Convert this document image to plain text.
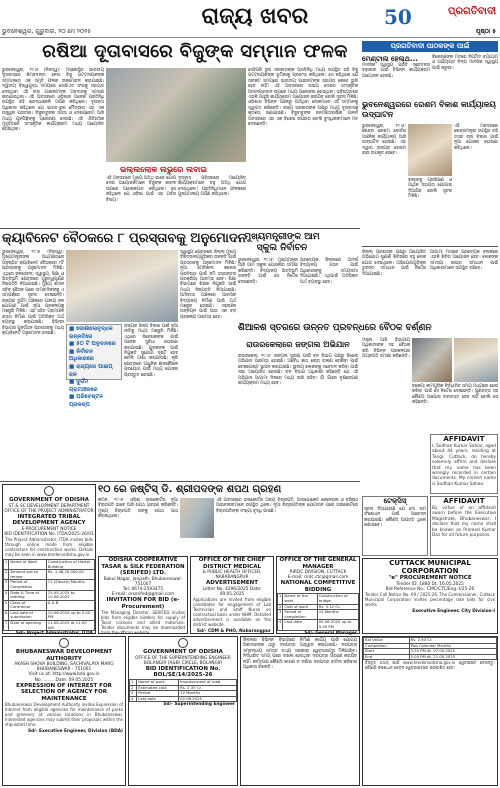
ରାଜ୍ୟ ଖବର
ଭୁବନେଶ୍ୱର, ଗୁରୁବାର, ୨୦ ମେ ୨୦୨୫
50	ପ୍ରଗତିବାଦୀ
ପୃଷ୍ଠା ୫
ରଷିଆ ଦୂତାବାସରେ ବିଜୁଙ୍କ ସମ୍ମାନ ଫଳକ
ଭୁବନେଶ୍ୱର, ୧୯।୫ (ନିଜସ୍ୱ): ମସ୍କୋସ୍ଥିତ ଭାରତୀୟ ଦୂତାବାସରେ କିମ୍ବଦନ୍ତୀ ନେତା ବିଜୁ ପଟ୍ଟନାୟକଙ୍କ ସମ୍ମାନରେ ଏକ ସ୍ମୃତି ଫଳକ ଉନ୍ମୋଚନ କରାଯାଇଛି। ଦ୍ୱିତୀୟ ବିଶ୍ୱଯୁଦ୍ଧ ସମୟରେ ସୋଭିଏତ ସଂଘକୁ ସହାୟତା ଦେଇଥିବା ଏହି ବୀର ପାଇଲଟଙ୍କ ଅବଦାନକୁ ସ୍ମରଣ କରାଯାଇଥିଲା। ଏହି ଅବସରରେ ଓଡ଼ିଶାର ଅନେକ ପ୍ରତିନିଧି ଉପସ୍ଥିତ ରହି ଶ୍ରଦ୍ଧାଞ୍ଜଳି ଅର୍ପଣ କରିଥିଲେ। ଦୂତାବାସ ଅଧିକାରୀ କହିଥିଲେ ଯେ ଭାରତ-ରୁଷ ମୈତ୍ରୀର ଏହା ଏକ ଉଜ୍ଜ୍ୱଳ ପ୍ରତୀକ। ବିଜୁବାବୁଙ୍କ ସାହସ ଓ ଦେଶପ୍ରେମ ଆଜି ମଧ୍ୟ ଯୁବପିଢ଼ିଙ୍କୁ ପ୍ରେରଣା ଦେଉଛି। ଏହି ଐତିହାସିକ ମୁହୂର୍ତ୍ତରେ ସାଂସ୍କୃତିକ କାର୍ଯ୍ୟକ୍ରମ ମଧ୍ୟ ଆୟୋଜିତ ହୋଇଥିଲା।
ଭଲ୍ଲଲୋକ ଲଭୁରେ ଲବାଇ
ଏହି ଅବସରରେ ମୁଖ୍ୟ ଅତିଥି ଭାବେ ଯୋଗ ଦେଇ ଆୟୋଜକମାନେ ବିଜୁଙ୍କ ଜୀବନୀ ଉପରେ ଆଲୋକପାତ କରିଥିଲେ। ସେ କହିଥିଲେ ଯେ ଓଡ଼ିଶା ପାଇଁ ଏହା ଗର୍ବର ବିଷୟ।
ଦୂତାବାସ ପରିସରରେ ଆୟୋଜିତ କାର୍ଯ୍ୟକ୍ରମରେ ବହୁ ଅତିଥି ଯୋଗ ଦେଇଥିଲେ। ପ୍ରତିନିଧିମାନେ ଫଳକରେ ପୁଷ୍ପମାଲ୍ୟ ଅର୍ପଣ କରିଥିଲେ।
ସେହିପରି ରୁଷ ସରକାରଙ୍କ ପ୍ରତିନିଧି ମଧ୍ୟ ଉପସ୍ଥିତ ରହି ବିଜୁ ପଟ୍ଟନାୟକଙ୍କ ଭୂମିକାକୁ ପ୍ରଶଂସା କରିଥିଲେ। ସେ କହିଥିଲେ ଯେ ସଙ୍କଟ ସମୟରେ ଭାରତୀୟ ପାଇଲଟଙ୍କ ସହାୟତା କେବେ ଭୁଲି ହେବ ନାହିଁ। ଏହି ଅବସରରେ ଉଭୟ ଦେଶର ସାଂସ୍କୃତିକ ଆଦାନପ୍ରଦାନ ଉପରେ ମଧ୍ୟ ଆଲୋଚନା ହୋଇଥିଲା। ଭବିଷ୍ୟତରେ ଏଭଳି ଆହୁରି କାର୍ଯ୍ୟକ୍ରମ ଆୟୋଜନ କରାଯିବ ବୋଲି ସୂଚନା ମିଳିଛି। ଓଡ଼ିଶାର ବିଭିନ୍ନ ଅଞ୍ଚଳରୁ ଆସିଥିବା ଲୋକମାନେ ଏହି ସମ୍ମାନକୁ ସ୍ୱାଗତ କରିଛନ୍ତି। ରାଜ୍ୟ ସରକାରଙ୍କ ପକ୍ଷରୁ ମଧ୍ୟ ଦୂତାବାସକୁ କୃତଜ୍ଞତା ଜଣାଯାଇଛି। ବିଜୁବାବୁଙ୍କ ଜନ୍ମଶତବାର୍ଷିକୀ ପାଳନ ଅବସରରେ ଏହା ଏକ ବିଶେଷ ଉପହାର ବୋଲି ବୁଦ୍ଧିଜୀବୀମାନେ ମତ ଦେଇଛନ୍ତି।
କ୍ୟାବିନେଟ ବୈଠକରେ ୮ ପ୍ରସ୍ତାବକୁ ଅନୁମୋଦନ
ଭୁବନେଶ୍ୱର, ୧୯।୫ (ନିଜସ୍ୱ): ମୁଖ୍ୟମନ୍ତ୍ରୀଙ୍କ ଅଧ୍ୟକ୍ଷତାରେ ଅନୁଷ୍ଠିତ କ୍ୟାବିନେଟ ବୈଠକରେ ୮ଟି ପ୍ରସ୍ତାବକୁ ଅନୁମୋଦନ ମିଳିଛି। ଏଥିରେ ଜଳସେଚନ, ସ୍ୱାସ୍ଥ୍ୟ, ଶିକ୍ଷା ଓ ଭିତ୍ତିଭୂମି କ୍ଷେତ୍ରରେ ଗୁରୁତ୍ୱପୂର୍ଣ୍ଣ ନିଷ୍ପତ୍ତି ନିଆଯାଇଛି। ମୁଖ୍ୟ ଶାସନ ସଚିବ ବୈଠକ ପରେ ସାମ୍ବାଦିକଙ୍କୁ ଏ ସମ୍ପର୍କରେ ସୂଚନା ଦେଇଛନ୍ତି। ରାଜ୍ୟର ଦୁର୍ଗମ ଅଞ୍ଚଳରେ ପାନୀୟ ଜଳ ଯୋଗାଣ ପାଇଁ ନୂଆ ପ୍ରକଳ୍ପକୁ ମଞ୍ଜୁରି ମିଳିଛି। ଏହା ସହିତ ଗ୍ରାମାଞ୍ଚଳ ରାସ୍ତା ନିର୍ମାଣ ପାଇଁ ଅତିରିକ୍ତ ଅର୍ଥ ବ୍ୟବସ୍ଥା କରାଯାଇଛି। ବିଭିନ୍ନ ବିଭାଗର ପୁନର୍ଗଠନ ପ୍ରସ୍ତାବକୁ ମଧ୍ୟ କ୍ୟାବିନେଟ ଅନୁମୋଦନ ଦେଇଛି।
■ ସୋଶାଲୋବୃଦ୍ଧକ ଉନ୍ନତିରେ
■ ୫୦ ଟି ଅନୁଦାନରେ
■ ନିର୍ବାଚନ ଅଧିକାରରେ
■ ରାଜ୍ୟରେ ପାଇପ୍‌ ଜଳ
■ ଦୁର୍ଗମ ଗ୍ରାମାଞ୍ଚଳରେ
■ ପରିବେଷ୍ଟନ ପ୍ରକଳ୍ପ
ରାଜ୍ୟର ଶିଳ୍ପ ବିକାଶ ପାଇଁ ନୂଆ ନୀତିକୁ ମଧ୍ୟ ମଞ୍ଜୁରି ମିଳିଛି। ଏଥିରେ ନିବେଶକଙ୍କ ପାଇଁ ଅନେକ ସୁବିଧା ଘୋଷଣା କରାଯାଇଛି। ଯୁବକଙ୍କ ପାଇଁ ନିଯୁକ୍ତି ସୁଯୋଗ ସୃଷ୍ଟି ହେବ ବୋଲି ଆଶା କରାଯାଉଛି। କୃଷି କ୍ଷେତ୍ରରେ ଆଧୁନିକ ଜ୍ଞାନକୌଶଳ ପ୍ରୟୋଗ ପାଇଁ ମଧ୍ୟ ଯୋଜନା ପ୍ରସ୍ତୁତ ହୋଇଛି।
ସ୍ୱାସ୍ଥ୍ୟ କ୍ଷେତ୍ରରେ ଜିଲ୍ଲା ମୁଖ୍ୟ ଚିକିତ୍ସାଳୟଗୁଡ଼ିକର ଉନ୍ନତି ପାଇଁ ପ୍ରସ୍ତାବକୁ ଅନୁମୋଦନ ମିଳିଛି। ନୂଆ ମେଡିକାଲ କଲେଜ ପ୍ରତିଷ୍ଠା ପାଇଁ ଜମି ହସ୍ତାନ୍ତର ପ୍ରକ୍ରିୟା ଆରମ୍ଭ ହେବ। ଶିକ୍ଷା ବିଭାଗରେ ଶିକ୍ଷକ ନିଯୁକ୍ତି ପାଇଁ ମଧ୍ୟ ନିଷ୍ପତ୍ତି ନିଆଯାଇଛି। ଆଦିବାସୀ ଅଞ୍ଚଳରେ ଆବାସିକ ବିଦ୍ୟାଳୟ ନିର୍ମାଣ ପାଇଁ ଅର୍ଥ ମଞ୍ଜୁର ହୋଇଛି। ସହରାଞ୍ଚଳ ଉନ୍ନୟନ ପାଇଁ ଆଉ ଏକ ବଡ଼ ପ୍ରକଳ୍ପ ଆରମ୍ଭ ହେବ।
ମୁଖ୍ୟମନ୍ତ୍ରୀଙ୍କ ଆମ ସ୍କୁଲ ନିର୍ବାଚନ
ଭୁବନେଶ୍ୱର, ୧୯।୫: ମୁଖ୍ୟମନ୍ତ୍ରୀ ଆଜି ଆମ ସ୍କୁଲ ଯୋଜନାର ସମୀକ୍ଷା କରିଛନ୍ତି। ବିଦ୍ୟାଳୟ ଭିତ୍ତିଭୂମି ଉନ୍ନତି ପାଇଁ ସେ ନିର୍ଦ୍ଦେଶ ଦେଇଛନ୍ତି।
ପ୍ରତ୍ୟେକ ଜିଲ୍ଲାରେ ଆଦର୍ଶ ବିଦ୍ୟାଳୟ ଗଠନ ପାଇଁ ଅଧିକାରୀଙ୍କୁ ସମୟସୀମା ଦିଆଯାଇଛି। ଏଥିପାଇଁ ଅତିରିକ୍ତ ଅର୍ଥ ବ୍ୟବସ୍ଥା ହେବ।
ରାଉରକେଲାରେ ଜଙ୍ଗଲ ଅଭିଯାନ
ରାଉରକେଲା, ୧୯।୫: ଜଙ୍ଗଲ ସୁରକ୍ଷା ପାଇଁ ବନ ବିଭାଗ ପକ୍ଷରୁ ବିଶେଷ ଅଭିଯାନ ଆରମ୍ଭ ହୋଇଛି। ଅବୈଧ କାଠ ଚୋରା ଚାଲାଣ ରୋକିବା ପାଇଁ ଚେକପୋଷ୍ଟ ସ୍ଥାପନ କରାଯାଇଛି। ସ୍ଥାନୀୟ ଲୋକଙ୍କୁ ସଚେତନ କରିବା ପାଇଁ ସଭା ଆୟୋଜିତ ହୋଇଛି। ବନ ବିଭାଗ ଅଧିକାରୀ କହିଛନ୍ତି ଯେ ଏହି ଅଭିଯାନ ଆଗାମୀ ଦିନରେ ମଧ୍ୟ ଜାରି ରହିବ। ଗାଁ ଗାଁରେ ବୃକ୍ଷରୋପଣ କାର୍ଯ୍ୟକ୍ରମ ମଧ୍ୟ ହେବ।
୧୦ ରେ ଜଷ୍ଟିସ୍ ଡି. ଶ୍ରୀପଦଙ୍କ ଶପଥ ଗ୍ରହଣ
କଟକ, ୧୯।୫: ଓଡ଼ିଶା ହାଇକୋର୍ଟର ନୂଆ ବିଚାରପତି ଭାବେ ଆଜି ଶପଥ ଗ୍ରହଣ କରିଛନ୍ତି। ମୁଖ୍ୟ ବିଚାରପତି ତାଙ୍କୁ ଶପଥ ପାଠ କରାଇଥିଲେ।
ଏହି ଅବସରରେ ହାଇକୋର୍ଟର ଅନ୍ୟ ବିଚାରପତି, ଆଡଭୋକେଟ ଜେନେରାଲ ଓ ବରିଷ୍ଠ ଆଇନଜୀବୀମାନେ ଉପସ୍ଥିତ ଥିଲେ। ନୂଆ ବିଚାରପତିଙ୍କ ଯୋଗଦାନ ପରେ ହାଇକୋର୍ଟରେ ବିଚାରପତିଙ୍କ ସଂଖ୍ୟା ବୃଦ୍ଧି ପାଇଛି।
ପ୍ରଗତିବାଦୀ ପାଠକଙ୍କ ପାଇଁ
ମେଣ୍ଟାଲ ହେଲ୍ଥ...
ମାନସିକ ସ୍ୱାସ୍ଥ୍ୟ ପ୍ରତି ସଚେତନତା ବଢ଼ାଇବା ପାଇଁ ବିଭିନ୍ନ କାର୍ଯ୍ୟକ୍ରମ ଆୟୋଜନ ହେଉଛି।
ବିଶେଷଜ୍ଞଙ୍କ ମତରେ ନିୟମିତ ବ୍ୟାୟାମ ଓ ପର୍ଯ୍ୟାପ୍ତ ନିଦ୍ରା ମାନସିକ ସ୍ୱାସ୍ଥ୍ୟ ପାଇଁ ଜରୁରୀ।
ଭୁବନେଶ୍ୱରରେ ରେଶମ ବିକାଶ କାର୍ଯ୍ୟାଳୟ ଉଦ୍‌ଘାଟନ
ଭୁବନେଶ୍ୱର, ୧୯।୫: କେନ୍ଦ୍ର ରେଶମ ବୋର୍ଡର ଆଞ୍ଚଳିକ କାର୍ଯ୍ୟାଳୟ ଆଜି ଉଦ୍‌ଘାଟିତ ହୋଇଛି। ଏହା ଦ୍ୱାରା ରାଜ୍ୟର ରେଶମ ଚାଷୀ ଉପକୃତ ହେବେ।
ଏହି ଅବସରରେ କେନ୍ଦ୍ରମନ୍ତ୍ରୀ ଉପସ୍ଥିତ ରହି ତସର ଚାଷ ବିକାଶ ପାଇଁ ନୂଆ ଯୋଜନା ଘୋଷଣା କରିଥିଲେ।
ଚାଷୀଙ୍କୁ ପ୍ରଶିକ୍ଷଣ ଓ ଆର୍ଥିକ ସହାୟତା ଯୋଗାଇ ଦିଆଯିବ ବୋଲି ସୂଚନା ମିଳିଛି।
ଜିଲ୍ଲା ପ୍ରଶାସନ ପକ୍ଷରୁ ଆୟୋଜିତ ଅଭିଯୋଗ ଶୁଣାଣି ଶିବିରରେ ବହୁ ଲୋକ ଯୋଗ ଦେଇଥିଲେ। ଅଭିଯୋଗଗୁଡ଼ିକର ତୁରନ୍ତ ସମାଧାନ ପାଇଁ ନିର୍ଦ୍ଦେଶ ଦିଆଯାଇଛି।
ଆଗାମୀ ମାସରେ ପ୍ରତ୍ୟେକ ବ୍ଲକରେ ଏଭଳି ଶିବିର ଆୟୋଜନ ହେବ। ଲୋକଙ୍କ ସମସ୍ୟା ଶୀଘ୍ର ସମାଧାନ ପାଇଁ ଅଧିକାରୀମାନେ ଉପସ୍ଥିତ ରହିବେ।
ଶିଆଳଶ ସ୍ତରରେ ଉନ୍ନତ ପ୍ରବନ୍ଧରେ ବୈଠକ ବର୍ଣ୍ଣନ
ମନ୍ତ୍ରୀ ଆଜି ବିଭାଗୀୟ ଅଧିକାରୀଙ୍କ ସହ ବୈଠକ କରି ବିଭିନ୍ନ ପ୍ରକଳ୍ପର ଅଗ୍ରଗତି ସମୀକ୍ଷା କରିଛନ୍ତି।
ବକେୟା କାମଗୁଡ଼ିକ ନିର୍ଦ୍ଧାରିତ ସମୟ ମଧ୍ୟରେ ଶେଷ କରିବା ପାଇଁ ସେ ନିର୍ଦ୍ଦେଶ ଦେଇଛନ୍ତି। ଗୁଣବତ୍ତା ସହ କୌଣସି ଆପୋଷ ବରଦାସ୍ତ ହେବ ନାହିଁ ବୋଲି ସେ କହିଛନ୍ତି।
AFFIDAVIT
I, Sudhan Kumar Sahoo, aged about 44 years, residing at Tangi, Cuttack, do hereby solemnly affirm and declare that my name has been wrongly recorded in certain documents. My correct name is Sudhan Kumar Sahoo.
AFFIDAVIT
By virtue of an affidavit sworn before the Executive Magistrate, Bhubaneswar, I declare that my name shall be known as Pramod Kumar Das for all future purposes.
ଟେକ୍ସିସ୍
ସୂଚନା ଦିଆଯାଉଛି ଯେ ମୋ ନାମ ସଂଶୋଧନ ପାଇଁ ଆବେଦନ କରାଯାଇଛି। କୌଣସି ଆପତ୍ତି ଥିଲେ ଜଣାଇବେ।
GOVERNMENT OF ODISHA
ST & SC DEVELOPMENT DEPARTMENT
OFFICE OF THE PROJECT ADMINISTRATOR
INTEGRATED TRIBAL DEVELOPMENT AGENCY
E-PROCUREMENT NOTICE
BID IDENTIFICATION No. ITDA/2025-26/01
The Project Administrator, ITDA invites bids through online mode from eligible contractors for construction works. Details may be seen in www.tendersodisha.gov.in
1	Name of Work	Construction of Hostel Building
2	Amount put to tender	Rs. 1,46,20,000.00
3	Period of Completion	11 (Eleven) Months
4	Date & Time of bidding	25.05.2025 to 10.06.2025
5	Class of Contractor	A & B
6	Last date of submission	10.06.2025 up to 5.00 PM
7	Date of opening	11.06.2025 at 11.00 AM
Sd/- Project Administrator, ITDA
ODISHA COOPERATIVE TASAR & SILK FEDERATION (SERIFED) LTD.
Bakul Nagar, Janpath, Bhubaneswar-751007
Tel: 0674-2593475
E-mail: orserifed@gmail.com
INVITATION FOR BID (e-Procurement)
The Managing Director, SERIFED invites bids from eligible bidders for supply of Tasar cocoons and allied materials. Tender documents may be downloaded from the official website.
OFFICE OF THE CHIEF DISTRICT MEDICAL
& PUBLIC HEALTH OFFICER, NABARANGPUR
ADVERTISEMENT
Letter No. 4296/2025 Date: 09.05.2025
Applications are invited from eligible candidates for engagement of Lab Technician and Staff Nurse on contractual basis under NHM. Detailed advertisement is available on the district website.
Sd/- CDM & PHO, Nabarangpur
OFFICE OF THE GENERAL MANAGER
RIRDC DIVISION, CUTTACK
E-mail: rirdc.ctc@gmail.com
NATIONAL COMPETITIVE BIDDING
1	Name of the work	Construction of bridge
2	Cost of work	Rs. 3.12 Cr.
3	Period of completion	15 Months
4	Last date	05.06.2025 up to 5.00 PM
Sd/- General Manager
CUTTACK MUNICIPAL
CORPORATION
"e" PROCUREMENT NOTICE
Tender ID: 1880 Dt. 16.05.2025
Bid Reference No.: CMC/CTC/Eng.-I/25-26
Tender Call Notice No. 09 / 2025-26. The Commissioner, Cuttack Municipal Corporation invites percentage rate bids for civil works.
Executive Engineer, City Division-I
BHUBANESWAR DEVELOPMENT AUTHORITY
AKASH SHOVA BUILDING, SACHIVALAYA MARG
BHUBANESWAR - 751001
Visit us at: http://www.bda.gov.in
No. ........ Date: 09.05.2025
EXPRESSION OF INTEREST FOR SELECTION OF AGENCY FOR MAINTENANCE
Bhubaneswar Development Authority invites Expression of Interest from eligible agencies for maintenance of parks and greenery at various locations in Bhubaneswar. Interested agencies may submit their proposals within the stipulated time.
Sd/- Executive Engineer, Division (BDA)
GOVERNMENT OF ODISHA
OFFICE OF THE SUPERINTENDING ENGINEER
BOLANGIR (R&B) CIRCLE, BOLANGIR
BID IDENTIFICATION No. BOL/SE/14/2025-26
1	Name of work	Improvement of road
2	Estimated cost	Rs. 2.35 Cr.
3	Period	12 Months
4	Last date	02.06.2025
Sd/- Superintending Engineer
ଜିଲ୍ଲାର ବିଭିନ୍ନ ବିଭାଗରେ ନିର୍ମାଣ କାର୍ଯ୍ୟ ପାଇଁ ଯୋଗ୍ୟ ଠିକାଦାରଙ୍କ ଠାରୁ ଦରପତ୍ର ଆହ୍ୱାନ କରାଯାଉଛି। ଦରପତ୍ର ସମ୍ବନ୍ଧୀୟ ସମସ୍ତ ତଥ୍ୟ ସରକାରୀ ୱେବସାଇଟରୁ ମିଳିପାରିବ। ନିର୍ଦ୍ଧାରିତ ସମୟ ପରେ ଦାଖଲ ହେଉଥିବା ଦରପତ୍ର ଗ୍ରହଣ କରାଯିବ ନାହିଁ। କର୍ତ୍ତୃପକ୍ଷ କୌଣସି କାରଣ ନ ଦର୍ଶାଇ ଦରପତ୍ର ବାତିଲ କରିବାର ଅଧିକାର ରଖନ୍ତି।
Bid Value	Rs. 2.94 Cr.
Completion	Two Calendar Months
Start	3.30 PM dt. 07.05.2025
End	5.00 PM dt. 21.05.2025
ବିସ୍ତୃତ ତଥ୍ୟ ପାଇଁ www.tendersodisha.gov.in ୱେବସାଇଟ ଦେଖନ୍ତୁ। କୌଣସି ସଂଶୋଧନ କେବଳ ୱେବସାଇଟରେ ପ୍ରକାଶିତ ହେବ।
